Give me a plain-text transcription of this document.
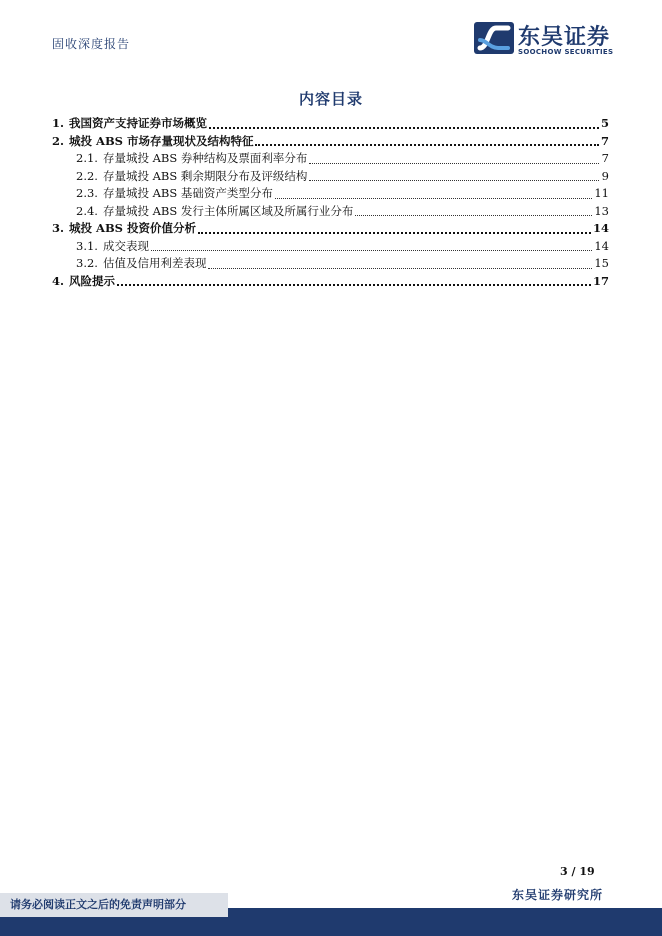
固收深度报告	东吴证券
SOOCHOW SECURITIES
内容目录
1. 我国资产支持证券市场概览	5
2. 城投 ABS 市场存量现状及结构特征	7
2.1. 存量城投 ABS 券种结构及票面利率分布	7
2.2. 存量城投 ABS 剩余期限分布及评级结构	9
2.3. 存量城投 ABS 基础资产类型分布	11
2.4. 存量城投 ABS 发行主体所属区域及所属行业分布	13
3. 城投 ABS 投资价值分析	14
3.1. 成交表现	14
3.2. 估值及信用利差表现	15
4. 风险提示	17
3 / 19
东吴证券研究所
请务必阅读正文之后的免责声明部分
